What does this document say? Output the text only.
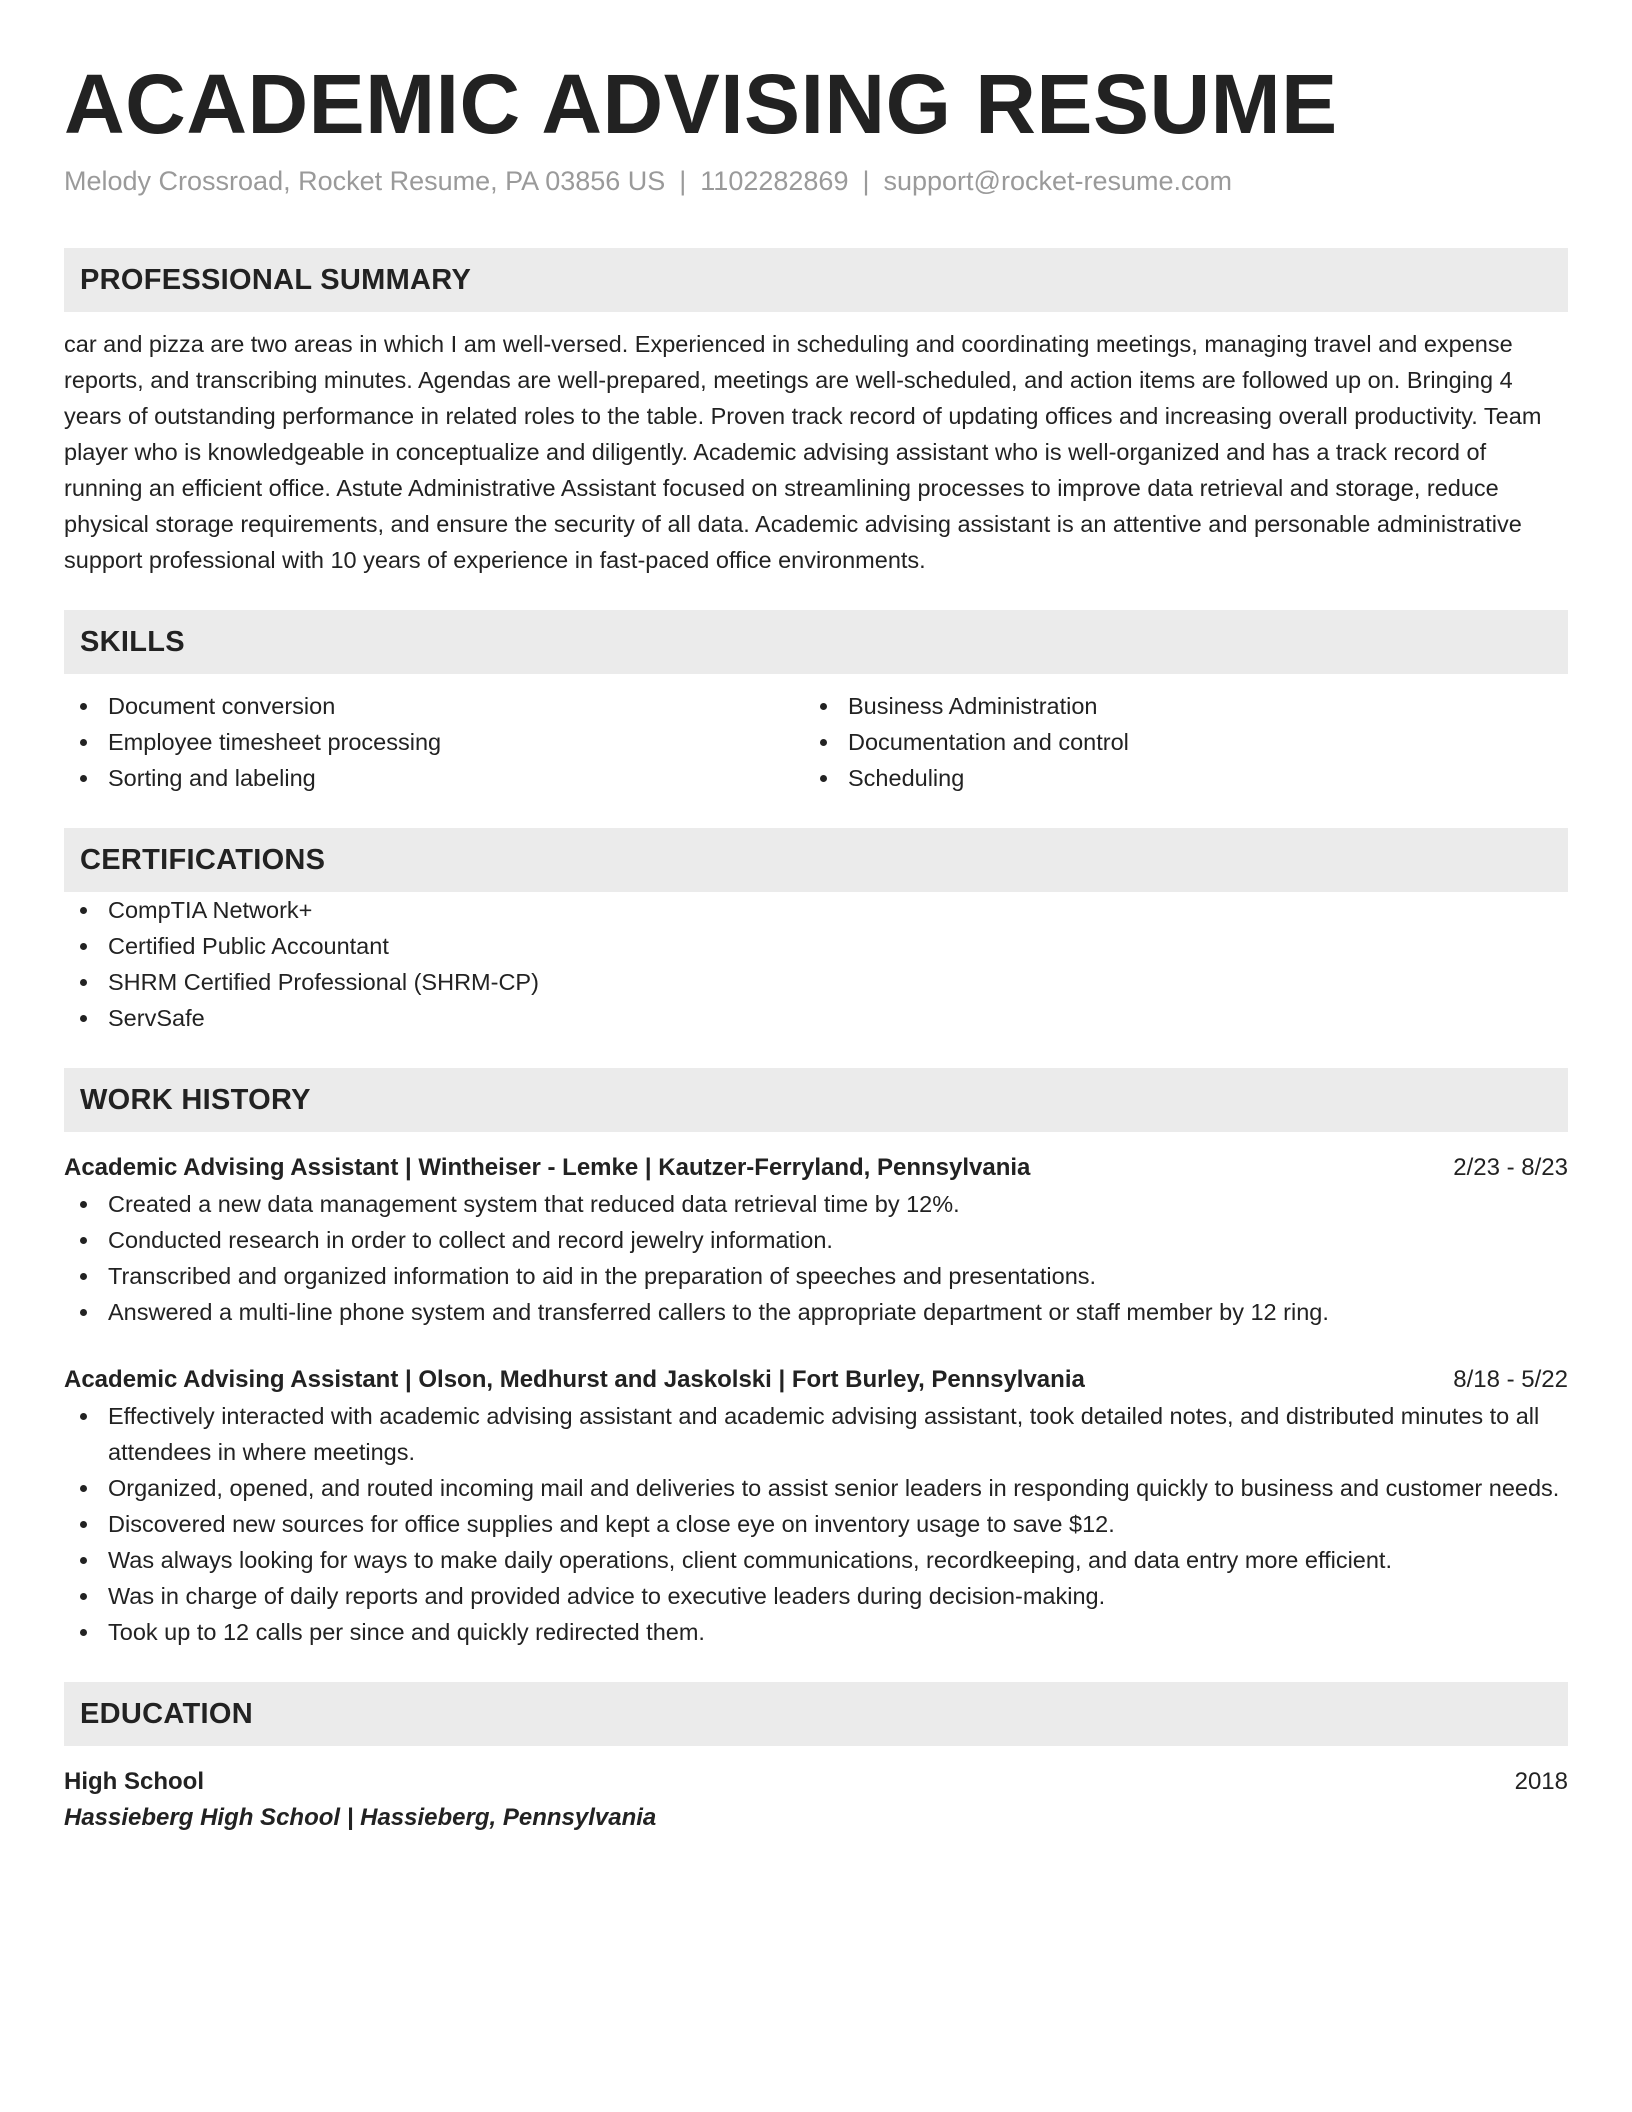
ACADEMIC ADVISING RESUME
Melody Crossroad, Rocket Resume, PA 03856 US | 1102282869 | support@rocket-resume.com
PROFESSIONAL SUMMARY
car and pizza are two areas in which I am well-versed. Experienced in scheduling and coordinating meetings, managing travel and expense reports, and transcribing minutes. Agendas are well-prepared, meetings are well-scheduled, and action items are followed up on. Bringing 4 years of outstanding performance in related roles to the table. Proven track record of updating offices and increasing overall productivity. Team player who is knowledgeable in conceptualize and diligently. Academic advising assistant who is well-organized and has a track record of running an efficient office. Astute Administrative Assistant focused on streamlining processes to improve data retrieval and storage, reduce physical storage requirements, and ensure the security of all data. Academic advising assistant is an attentive and personable administrative support professional with 10 years of experience in fast-paced office environments.
SKILLS
Document conversion
Employee timesheet processing
Sorting and labeling
Business Administration
Documentation and control
Scheduling
CERTIFICATIONS
CompTIA Network+
Certified Public Accountant
SHRM Certified Professional (SHRM-CP)
ServSafe
WORK HISTORY
Academic Advising Assistant | Wintheiser - Lemke | Kautzer-Ferryland, Pennsylvania	2/23 - 8/23
Created a new data management system that reduced data retrieval time by 12%.
Conducted research in order to collect and record jewelry information.
Transcribed and organized information to aid in the preparation of speeches and presentations.
Answered a multi-line phone system and transferred callers to the appropriate department or staff member by 12 ring.
Academic Advising Assistant | Olson, Medhurst and Jaskolski | Fort Burley, Pennsylvania	8/18 - 5/22
Effectively interacted with academic advising assistant and academic advising assistant, took detailed notes, and distributed minutes to all attendees in where meetings.
Organized, opened, and routed incoming mail and deliveries to assist senior leaders in responding quickly to business and customer needs.
Discovered new sources for office supplies and kept a close eye on inventory usage to save $12.
Was always looking for ways to make daily operations, client communications, recordkeeping, and data entry more efficient.
Was in charge of daily reports and provided advice to executive leaders during decision-making.
Took up to 12 calls per since and quickly redirected them.
EDUCATION
High School	2018
Hassieberg High School | Hassieberg, Pennsylvania
